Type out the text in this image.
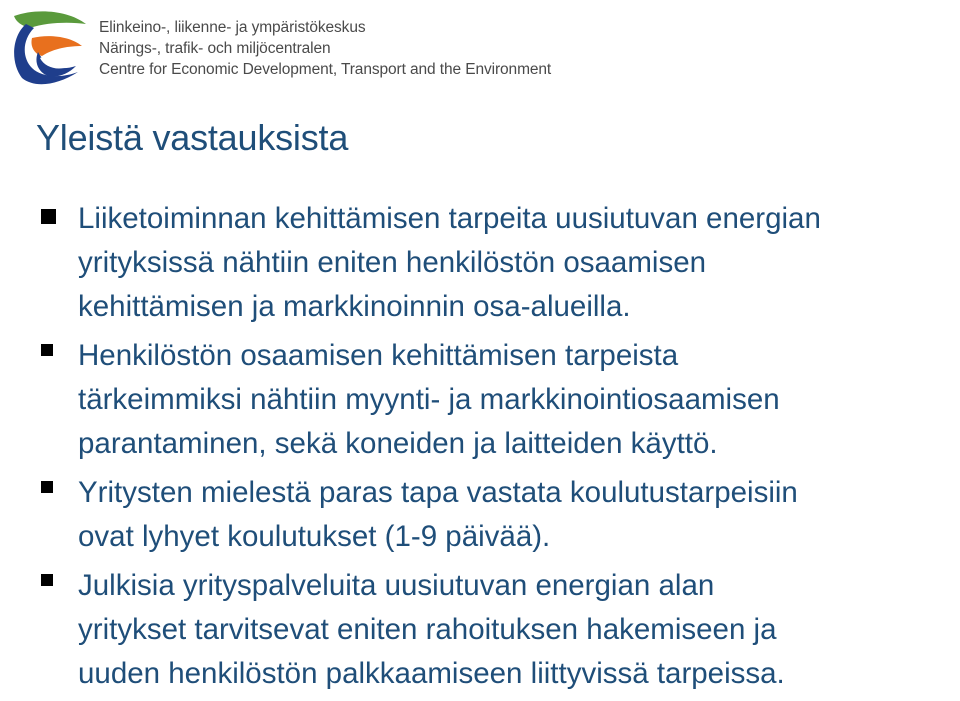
Elinkeino-, liikenne- ja ympäristökeskus
Närings-, trafik- och miljöcentralen
Centre for Economic Development, Transport and the Environment
Yleistä vastauksista
Liiketoiminnan kehittämisen tarpeita uusiutuvan energian
yrityksissä nähtiin eniten henkilöstön osaamisen
kehittämisen ja markkinoinnin osa-alueilla.
Henkilöstön osaamisen kehittämisen tarpeista
tärkeimmiksi nähtiin myynti- ja markkinointiosaamisen
parantaminen, sekä koneiden ja laitteiden käyttö.
Yritysten mielestä paras tapa vastata koulutustarpeisiin
ovat lyhyet koulutukset (1-9 päivää).
Julkisia yrityspalveluita uusiutuvan energian alan
yritykset tarvitsevat eniten rahoituksen hakemiseen ja
uuden henkilöstön palkkaamiseen liittyvissä tarpeissa.
